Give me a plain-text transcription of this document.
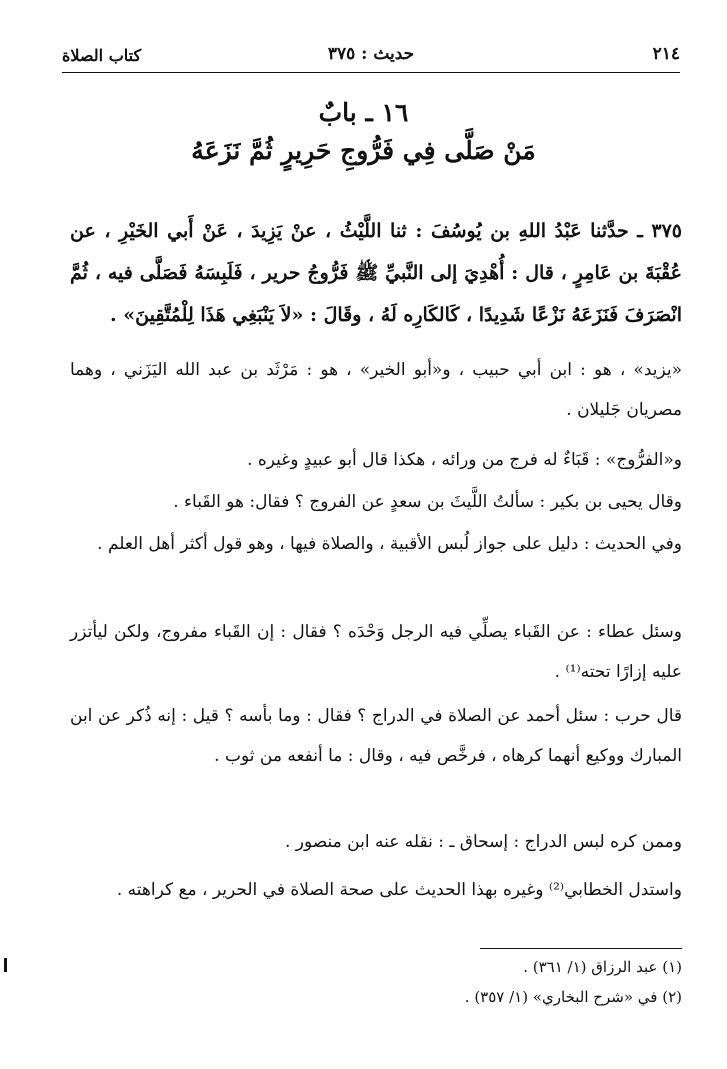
٢١٤
حديث : ٣٧٥
كتاب الصلاة
١٦ ـ بابٌ
مَنْ صَلَّى فِي فَرُّوجِ حَرِيرٍ ثُمَّ نَزَعَهُ
٣٧٥ ـ حدَّثنا عَبْدُ اللهِ بن يُوسُفَ : ثنا اللَّيْثُ ، عنْ يَزِيدَ ، عَنْ أَبي الخَيْرِ ، عن عُقْبَةَ بن عَامِرٍ ، قال : أُهْدِيَ إلى النَّبيِّ ﷺ فَرُّوجُ حرير ، فَلَبِسَهُ فَصَلَّى فيه ، ثُمَّ انْصَرَفَ فَنَزَعَهُ نَزْعًا شَدِيدًا ، كَالكَارِه لَهُ ، وقَالَ : «لاَ يَنْبَغِي هَذَا لِلْمُتَّقِينَ» .
«يزيد» ، هو : ابن أبي حبيب ، و«أبو الخير» ، هو : مَرْثَد بن عبد الله اليَزَني ، وهما مصريان جَليلان .
و«الفرُّوج» : قَبَاءٌ له فرج من ورائه ، هكذا قال أبو عبيدٍ وغيره .
وقال يحيى بن بكير : سألتُ اللَّيثَ بن سعدٍ عن الفروج ؟ فقال: هو القَباء .
وفي الحديث : دليل على جواز لُبس الأقبية ، والصلاة فيها ، وهو قول أكثر أهل العلم .
وسئل عطاء : عن القَباء يصلِّي فيه الرجل وَحْدَه ؟ فقال : إن القَباء مفروج، ولكن ليأتزر عليه إزارًا تحته⁽¹⁾ .
قال حرب : سئل أحمد عن الصلاة في الدراج ؟ فقال : وما بأسه ؟ قيل : إنه ذُكر عن ابن المبارك ووكيع أنهما كرهاه ، فرخَّص فيه ، وقال : ما أنفعه من ثوب .
وممن كره لبس الدراج : إسحاق ـ : نقله عنه ابن منصور .
واستدل الخطابي⁽²⁾ وغيره بهذا الحديث على صحة الصلاة في الحرير ، مع كراهته .
(١) عبد الرزاق (١/ ٣٦١) .
(٢) في «شرح البخاري» (١/ ٣٥٧) .
